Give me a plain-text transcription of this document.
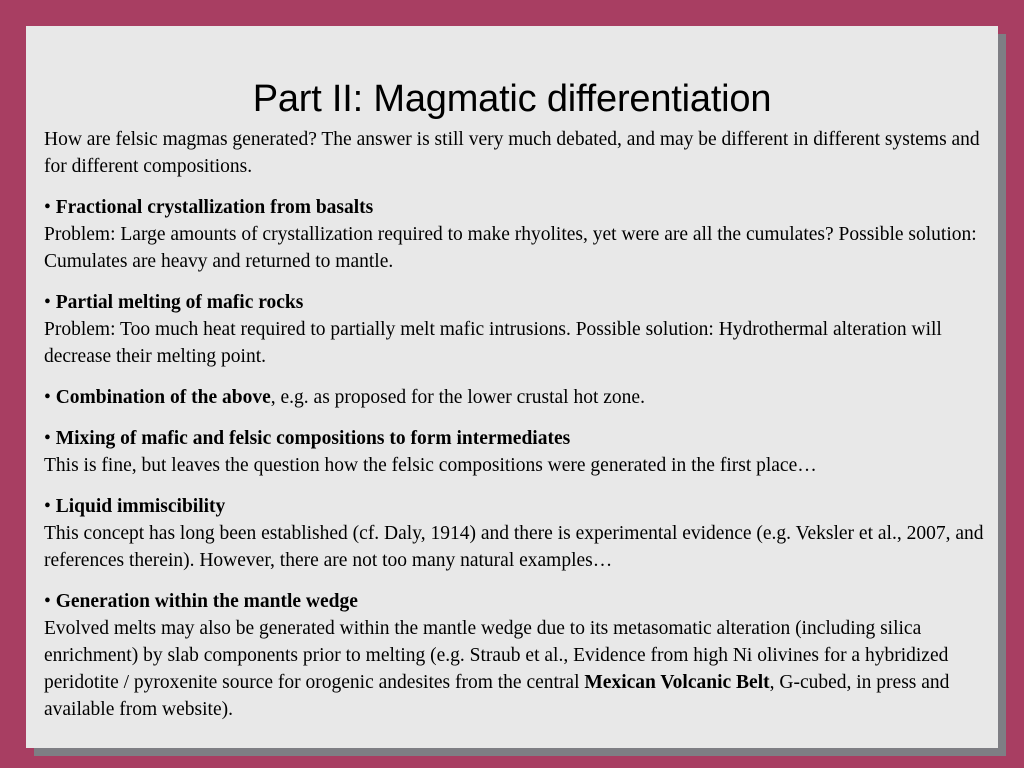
Part II: Magmatic differentiation

How are felsic magmas generated? The answer is still very much debated, and may be different in different systems and for different compositions.

• Fractional crystallization from basalts
Problem: Large amounts of crystallization required to make rhyolites, yet were are all the cumulates? Possible solution: Cumulates are heavy and returned to mantle.

• Partial melting of mafic rocks
Problem: Too much heat required to partially melt mafic intrusions. Possible solution: Hydrothermal alteration will decrease their melting point.

• Combination of the above, e.g. as proposed for the lower crustal hot zone.

• Mixing of mafic and felsic compositions to form intermediates
This is fine, but leaves the question how the felsic compositions were generated in the first place…

• Liquid immiscibility
This concept has long been established (cf. Daly, 1914) and there is experimental evidence (e.g. Veksler et al., 2007, and references therein). However, there are not too many natural examples…

• Generation within the mantle wedge
Evolved melts may also be generated within the mantle wedge due to its metasomatic alteration (including silica enrichment) by slab components prior to melting (e.g. Straub et al., Evidence from high Ni olivines for a hybridized peridotite / pyroxenite source for orogenic andesites from the central Mexican Volcanic Belt, G-cubed, in press and available from website).
